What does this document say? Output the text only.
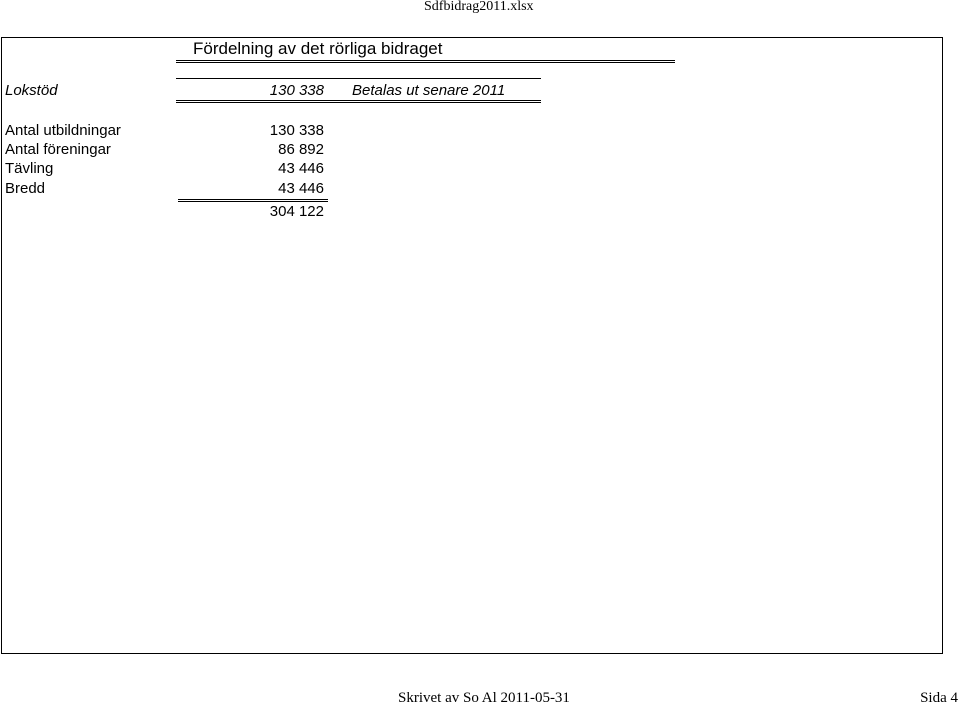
Sdfbidrag2011.xlsx
Fördelning av det rörliga bidraget
Lokstöd	130 338 Betalas ut senare 2011
Antal utbildningar	130 338
Antal föreningar	86 892
Tävling	43 446
Bredd	43 446
304 122
Skrivet av So Al 2011-05-31	Sida 4
